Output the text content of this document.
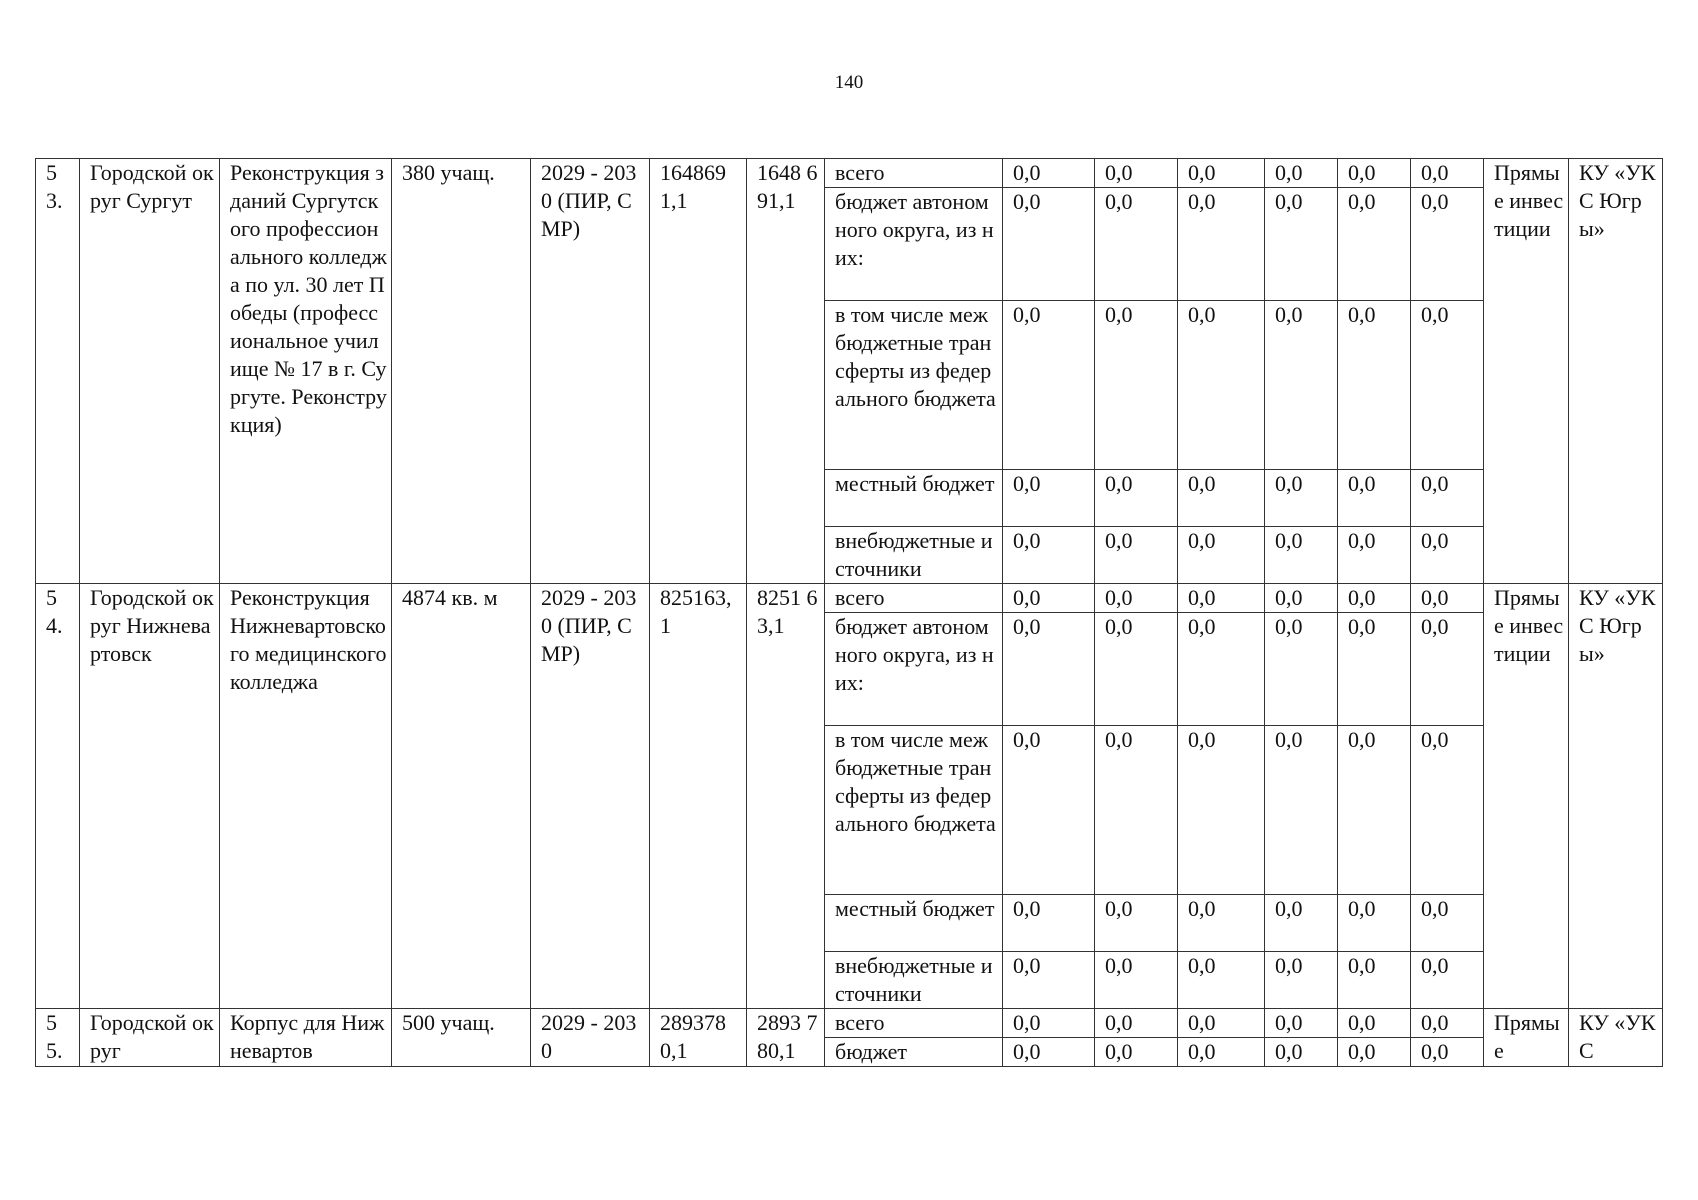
140
5 3.	Городской округ Сургут	Реконструкция зданий Сургутского профессионального колледжа по ул. 30 лет Победы (профессиональное училище № 17 в г. Сургуте. Реконструкция)	380 учащ.	2029 - 2030 (ПИР, СМР)	1648691,1	1648 691,1	всего	0,0	0,0	0,0	0,0	0,0	0,0	Прямые инвестиции	КУ «УКС Югры»
							бюджет автономного округа, из них:	0,0	0,0	0,0	0,0	0,0	0,0		
							в том числе межбюджетные трансферты из федерального бюджета	0,0	0,0	0,0	0,0	0,0	0,0		
							местный бюджет	0,0	0,0	0,0	0,0	0,0	0,0		
							внебюджетные источники	0,0	0,0	0,0	0,0	0,0	0,0		
5 4.	Городской округ Нижневартовск	Реконструкция Нижневартовского медицинского колледжа	4874 кв. м	2029 - 2030 (ПИР, СМР)	825163,1	8251 63,1	всего	0,0	0,0	0,0	0,0	0,0	0,0	Прямые инвестиции	КУ «УКС Югры»
							бюджет автономного округа, из них:	0,0	0,0	0,0	0,0	0,0	0,0		
							в том числе межбюджетные трансферты из федерального бюджета	0,0	0,0	0,0	0,0	0,0	0,0		
							местный бюджет	0,0	0,0	0,0	0,0	0,0	0,0		
							внебюджетные источники	0,0	0,0	0,0	0,0	0,0	0,0		
5 5.	Городской округ	Корпус для Нижневартов	500 учащ.	2029 - 2030	2893780,1	2893 780,1	всего	0,0	0,0	0,0	0,0	0,0	0,0	Прямые	КУ «УКС
							бюджет	0,0	0,0	0,0	0,0	0,0	0,0		
